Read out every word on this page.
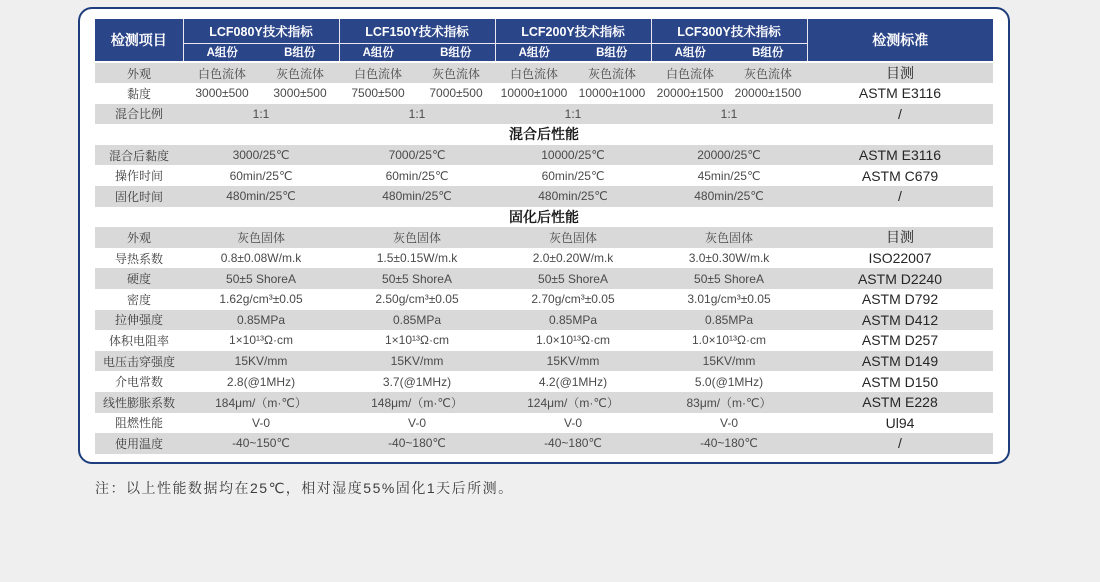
检测项目	LCF080Y技术指标		LCF150Y技术指标		LCF200Y技术指标		LCF300Y技术指标		检测标准
	A组份	B组份	A组份	B组份	A组份	B组份	A组份	B组份	
外观	白色流体	灰色流体	白色流体	灰色流体	白色流体	灰色流体	白色流体	灰色流体	目测
黏度	3000±500	3000±500	7500±500	7000±500	10000±1000	10000±1000	20000±1500	20000±1500	ASTM E3116
混合比例	1:1		1:1		1:1		1:1		/
混合后性能									
混合后黏度	3000/25℃		7000/25℃		10000/25℃		20000/25℃		ASTM E3116
操作时间	60min/25℃		60min/25℃		60min/25℃		45min/25℃		ASTM C679
固化时间	480min/25℃		480min/25℃		480min/25℃		480min/25℃		/
固化后性能									
外观	灰色固体		灰色固体		灰色固体		灰色固体		目测
导热系数	0.8±0.08W/m.k		1.5±0.15W/m.k		2.0±0.20W/m.k		3.0±0.30W/m.k		ISO22007
硬度	50±5 ShoreA		50±5 ShoreA		50±5 ShoreA		50±5 ShoreA		ASTM D2240
密度	1.62g/cm³±0.05		2.50g/cm³±0.05		2.70g/cm³±0.05		3.01g/cm³±0.05		ASTM D792
拉伸强度	0.85MPa		0.85MPa		0.85MPa		0.85MPa		ASTM D412
体积电阻率	1×10¹³Ω·cm		1×10¹³Ω·cm		1.0×10¹³Ω·cm		1.0×10¹³Ω·cm		ASTM D257
电压击穿强度	15KV/mm		15KV/mm		15KV/mm		15KV/mm		ASTM D149
介电常数	2.8(@1MHz)		3.7(@1MHz)		4.2(@1MHz)		5.0(@1MHz)		ASTM D150
线性膨胀系数	184μm/（m·℃）		148μm/（m·℃）		124μm/（m·℃）		83μm/（m·℃）		ASTM E228
阻燃性能	V-0		V-0		V-0		V-0		Ul94
使用温度	-40~150℃		-40~180℃		-40~180℃		-40~180℃		/
注：以上性能数据均在25℃，相对湿度55%固化1天后所测。
